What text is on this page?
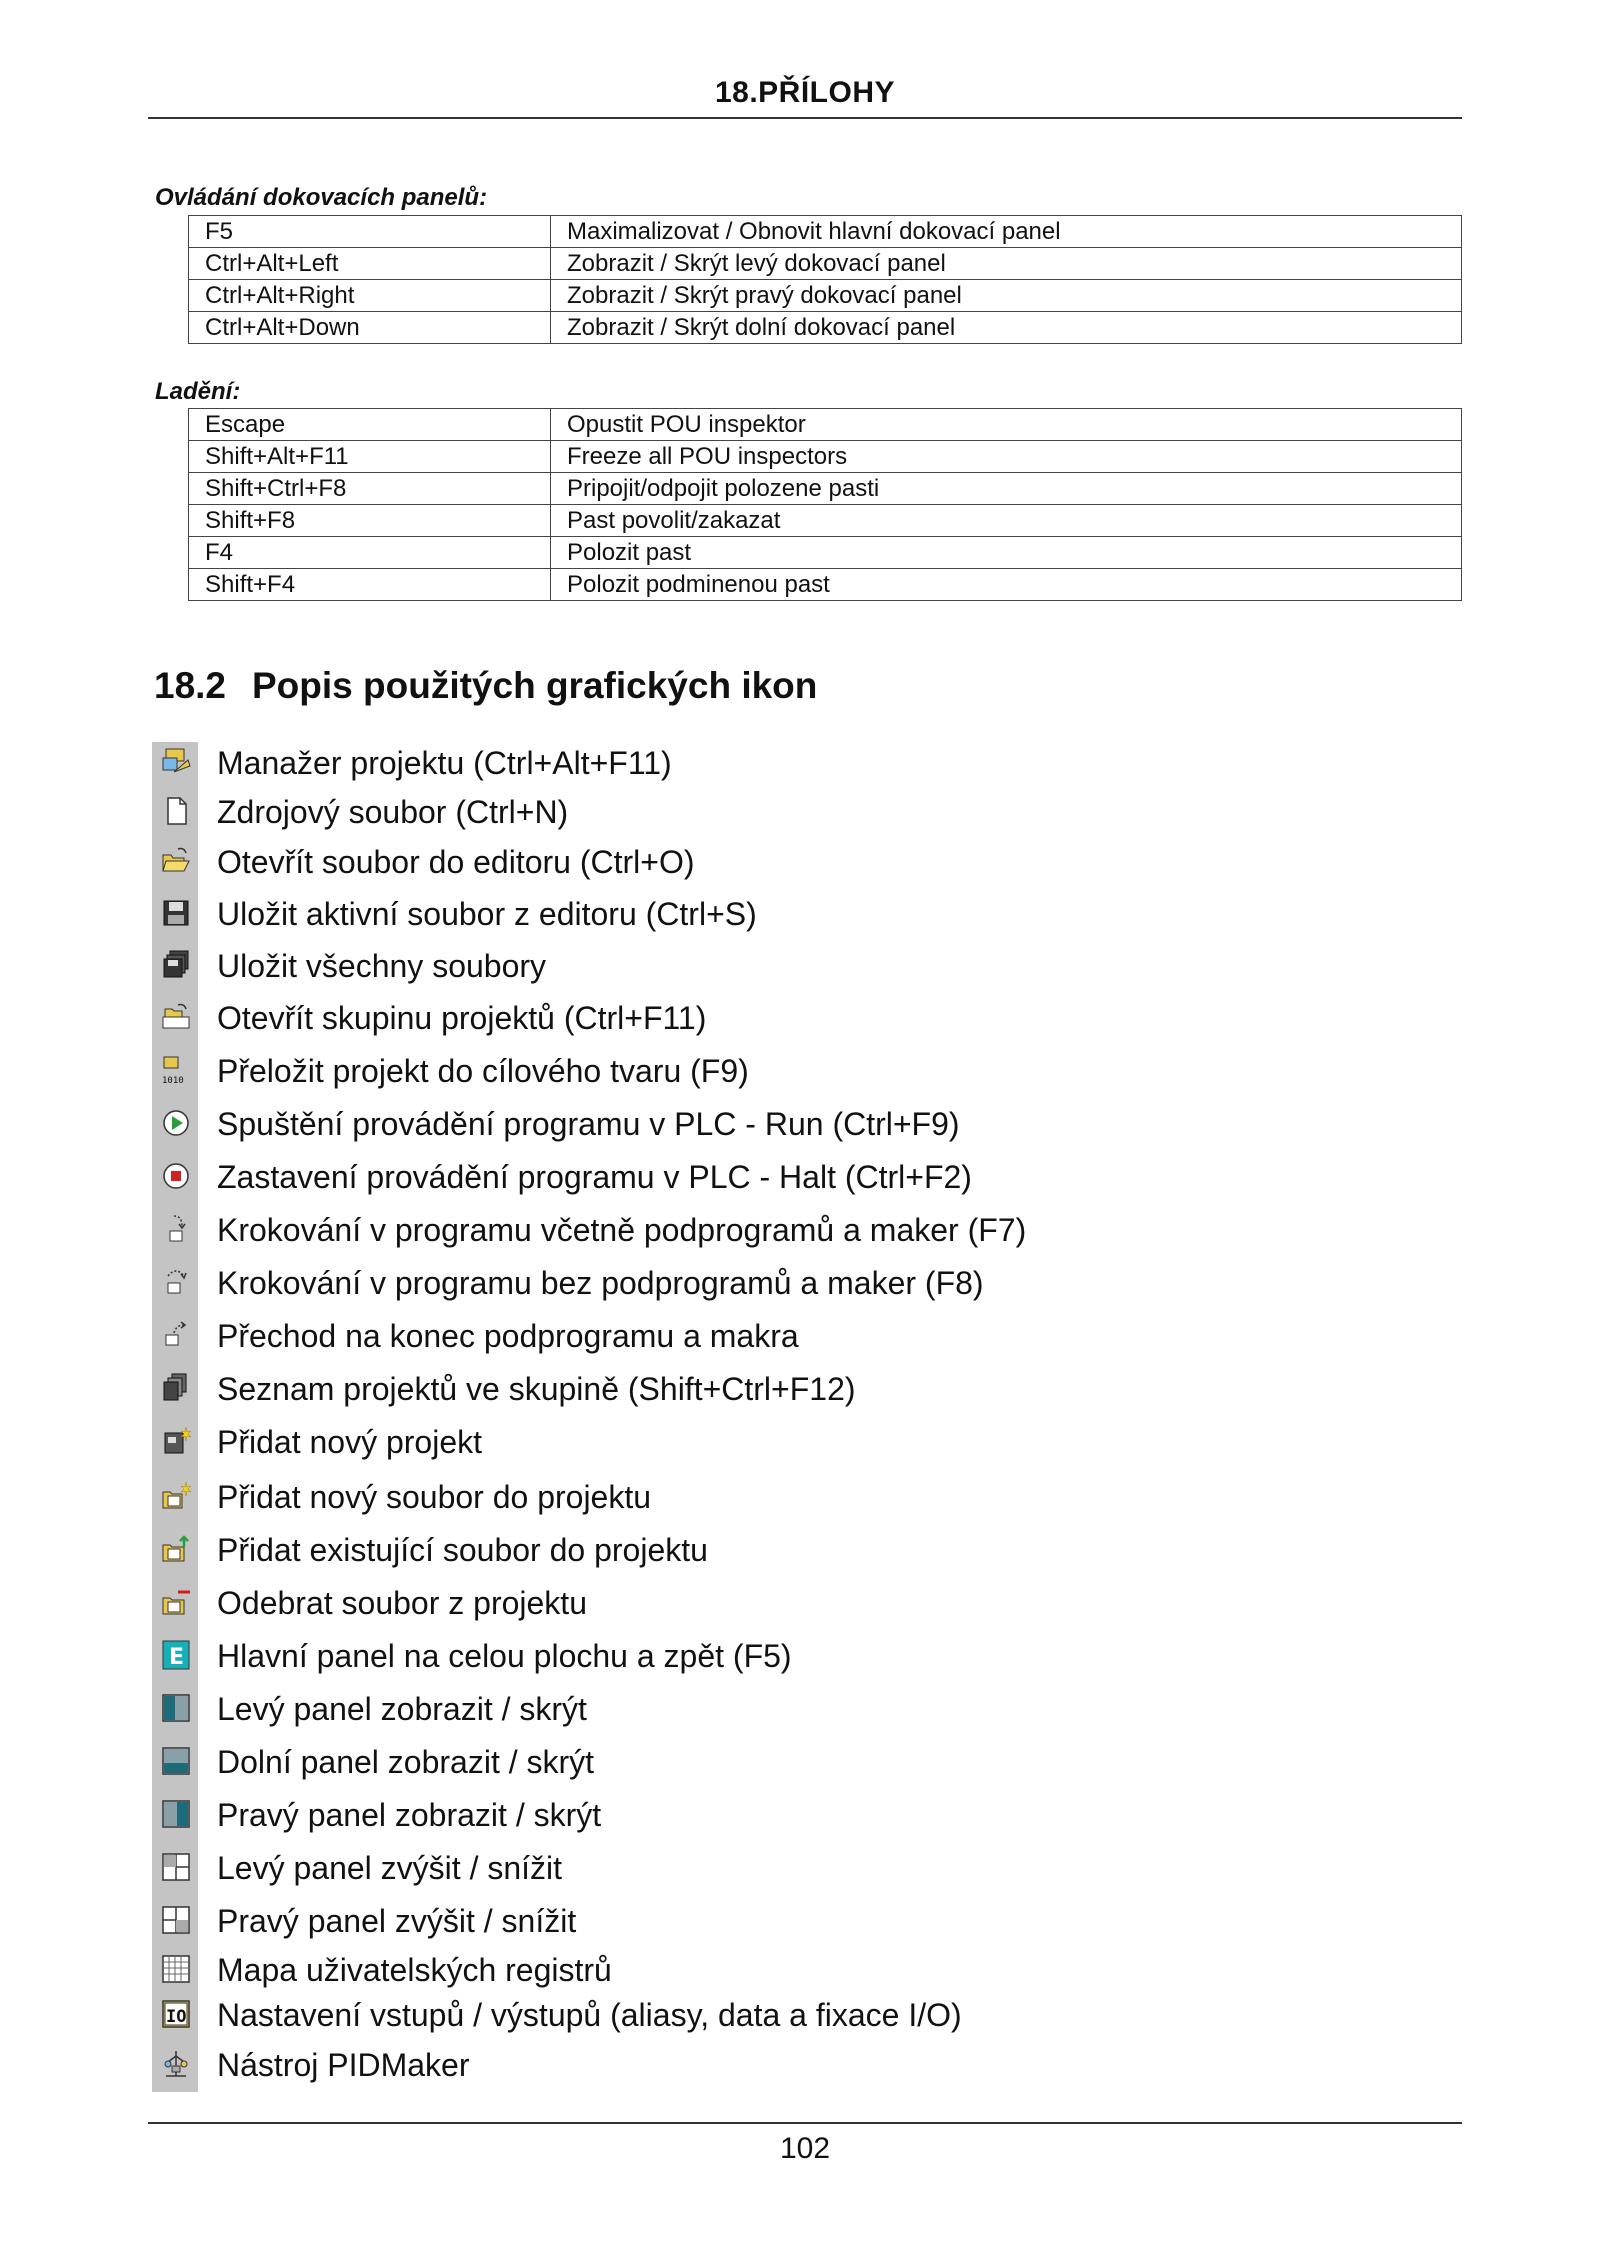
18.PŘÍLOHY
Ovládání dokovacích panelů:
F5	Maximalizovat / Obnovit hlavní dokovací panel
Ctrl+Alt+Left	Zobrazit / Skrýt levý dokovací panel
Ctrl+Alt+Right	Zobrazit / Skrýt pravý dokovací panel
Ctrl+Alt+Down	Zobrazit / Skrýt dolní dokovací panel
Ladění:
Escape	Opustit POU inspektor
Shift+Alt+F11	Freeze all POU inspectors
Shift+Ctrl+F8	Pripojit/odpojit polozene pasti
Shift+F8	Past povolit/zakazat
F4	Polozit past
Shift+F4	Polozit podminenou past
18.2 Popis použitých grafických ikon
Manažer projektu (Ctrl+Alt+F11)
Zdrojový soubor (Ctrl+N)
Otevřít soubor do editoru (Ctrl+O)
Uložit aktivní soubor z editoru (Ctrl+S)
Uložit všechny soubory
Otevřít skupinu projektů (Ctrl+F11)
1010 Přeložit projekt do cílového tvaru (F9)
Spuštění provádění programu v PLC - Run (Ctrl+F9)
Zastavení provádění programu v PLC - Halt (Ctrl+F2)
Krokování v programu včetně podprogramů a maker (F7)
Krokování v programu bez podprogramů a maker (F8)
Přechod na konec podprogramu a makra
Seznam projektů ve skupině (Shift+Ctrl+F12)
Přidat nový projekt
Přidat nový soubor do projektu
Přidat existující soubor do projektu
Odebrat soubor z projektu
E Hlavní panel na celou plochu a zpět (F5)
Levý panel zobrazit / skrýt
Dolní panel zobrazit / skrýt
Pravý panel zobrazit / skrýt
Levý panel zvýšit / snížit
Pravý panel zvýšit / snížit
Mapa uživatelských registrů
IO Nastavení vstupů / výstupů (aliasy, data a fixace I/O)
Nástroj PIDMaker
102
